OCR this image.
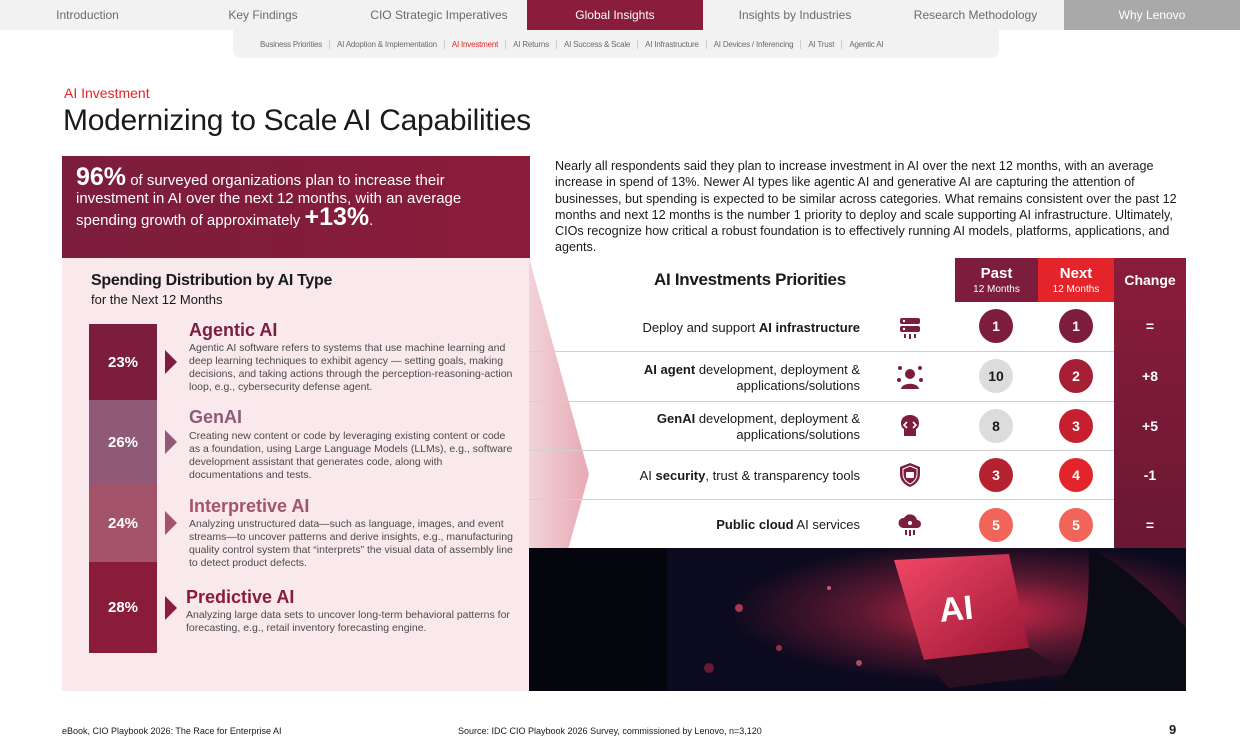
Introduction	Key Findings	CIO Strategic Imperatives	Global Insights	Insights by Industries	Research Methodology	Why Lenovo
Business Priorities	AI Adoption & Implementation	AI Investment	AI Returns	AI Success & Scale	AI Infrastructure	AI Devices / Inferencing	AI Trust	Agentic AI
AI Investment
Modernizing to Scale AI Capabilities
96% of surveyed organizations plan to increase their investment in AI over the next 12 months, with an average spending growth of approximately +13%.
Spending Distribution by AI Type
for the Next 12 Months
23%
26%
24%
28%
Agentic AI
Agentic AI software refers to systems that use machine learning and deep learning techniques to exhibit agency — setting goals, making decisions, and taking actions through the perception-reasoning-action loop, e.g., cybersecurity defense agent.
GenAI
Creating new content or code by leveraging existing content or code as a foundation, using Large Language Models (LLMs), e.g., software development assistant that generates code, along with documentations and tests.
Interpretive AI
Analyzing unstructured data—such as language, images, and event streams—to uncover patterns and derive insights, e.g., manufacturing quality control system that “interprets” the visual data of assembly line to detect product defects.
Predictive AI
Analyzing large data sets to uncover long-term behavioral patterns for forecasting, e.g., retail inventory forecasting engine.
Nearly all respondents said they plan to increase investment in AI over the next 12 months, with an average increase in spend of 13%. Newer AI types like agentic AI and generative AI are capturing the attention of businesses, but spending is expected to be similar across categories. What remains consistent over the past 12 months and next 12 months is the number 1 priority to deploy and scale supporting AI infrastructure. Ultimately, CIOs recognize how critical a robust foundation is to effectively running AI models, platforms, applications, and agents.
AI Investments Priorities	Past
12 Months
Next
12 Months
Change
Deploy and support AI infrastructure	1	1	=
AI agent development, deployment &
applications/solutions
10	2	+8
GenAI development, deployment &
applications/solutions
8	3	+5
AI security, trust & transparency tools	3	4	-1
Public cloud AI services	5	5	=
AI
eBook, CIO Playbook 2026: The Race for Enterprise AI	Source: IDC CIO Playbook 2026 Survey, commissioned by Lenovo, n=3,120	9
